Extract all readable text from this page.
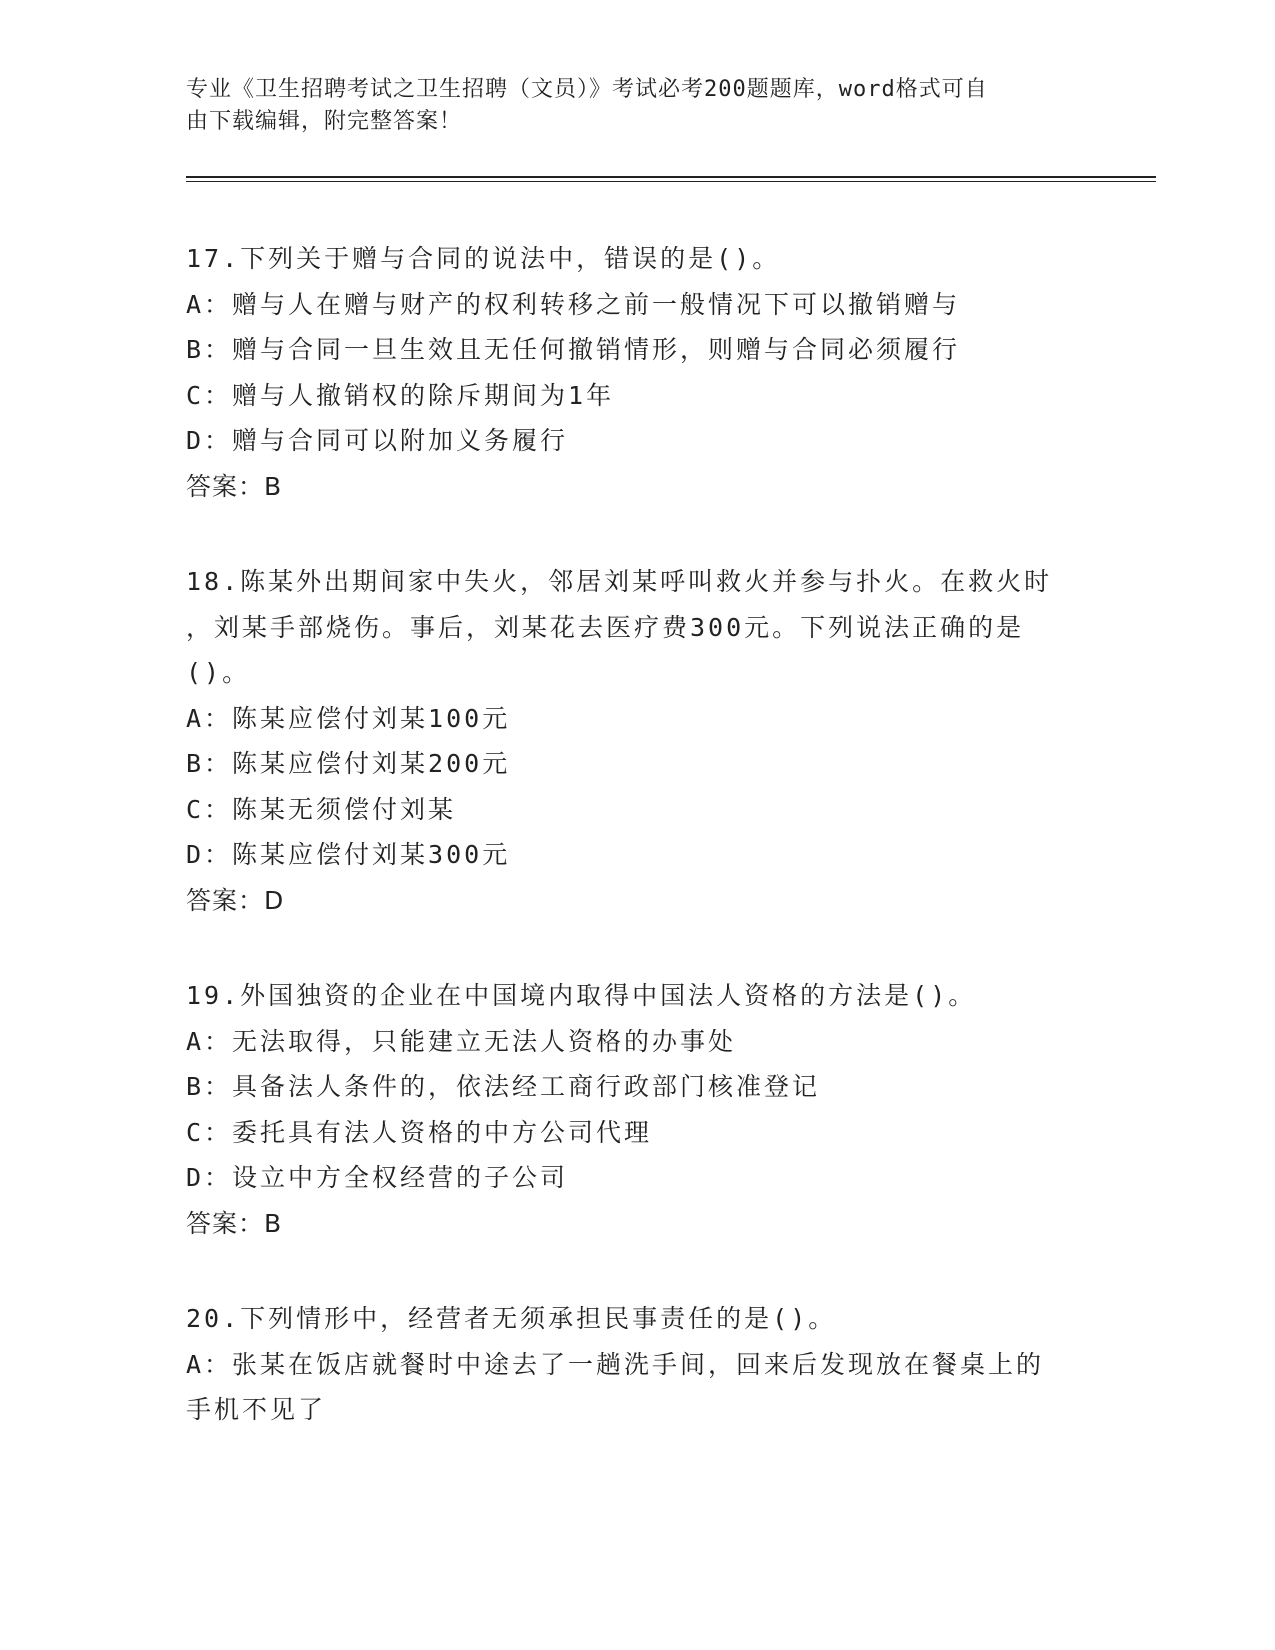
专业《卫生招聘考试之卫生招聘（文员）》考试必考200题题库，word格式可自
由下载编辑，附完整答案！
17.下列关于赠与合同的说法中，错误的是()。
A：赠与人在赠与财产的权利转移之前一般情况下可以撤销赠与
B：赠与合同一旦生效且无任何撤销情形，则赠与合同必须履行
C：赠与人撤销权的除斥期间为1年
D：赠与合同可以附加义务履行
答案：B
18.陈某外出期间家中失火，邻居刘某呼叫救火并参与扑火。在救火时
，刘某手部烧伤。事后，刘某花去医疗费300元。下列说法正确的是
()。
A：陈某应偿付刘某100元
B：陈某应偿付刘某200元
C：陈某无须偿付刘某
D：陈某应偿付刘某300元
答案：D
19.外国独资的企业在中国境内取得中国法人资格的方法是()。
A：无法取得，只能建立无法人资格的办事处
B：具备法人条件的，依法经工商行政部门核准登记
C：委托具有法人资格的中方公司代理
D：设立中方全权经营的子公司
答案：B
20.下列情形中，经营者无须承担民事责任的是()。
A：张某在饭店就餐时中途去了一趟洗手间，回来后发现放在餐桌上的
手机不见了
